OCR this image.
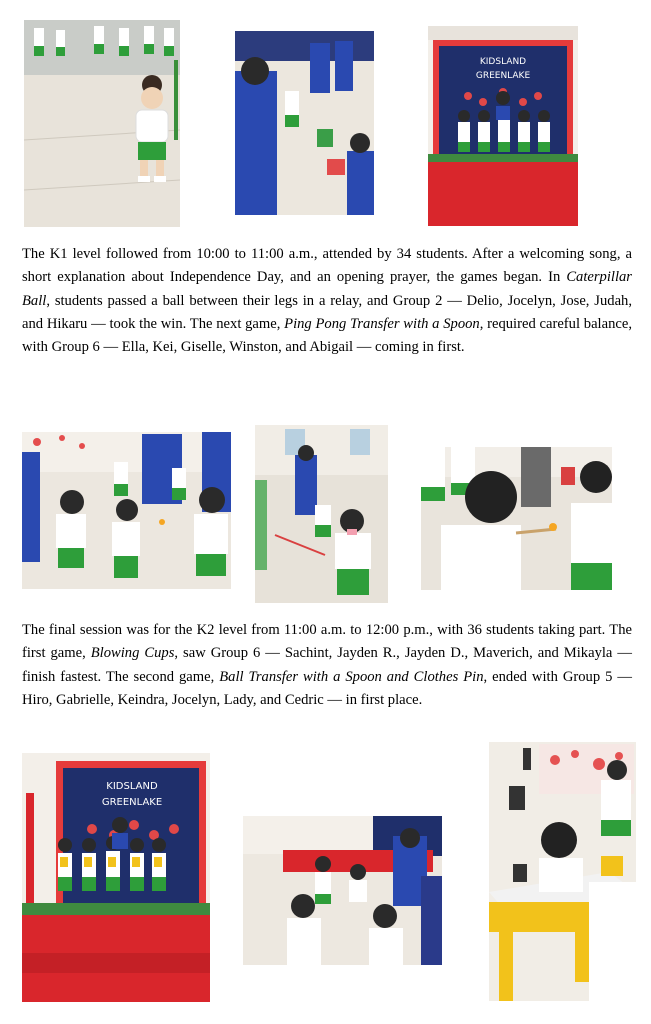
KIDSLAND
GREENLAKE

The K1 level followed from 10:00 to 11:00 a.m., attended by 34 students. After a welcoming song, a short explanation about Independence Day, and an opening prayer, the games began. In Caterpillar Ball, students passed a ball between their legs in a relay, and Group 2 — Delio, Jocelyn, Jose, Judah, and Hikaru — took the win. The next game, Ping Pong Transfer with a Spoon, required careful balance, with Group 6 — Ella, Kei, Giselle, Winston, and Abigail — coming in first.

The final session was for the K2 level from 11:00 a.m. to 12:00 p.m., with 36 students taking part. The first game, Blowing Cups, saw Group 6 — Sachint, Jayden R., Jayden D., Maverich, and Mikayla — finish fastest. The second game, Ball Transfer with a Spoon and Clothes Pin, ended with Group 5 — Hiro, Gabrielle, Keindra, Jocelyn, Lady, and Cedric — in first place.

KIDSLAND
GREENLAKE
